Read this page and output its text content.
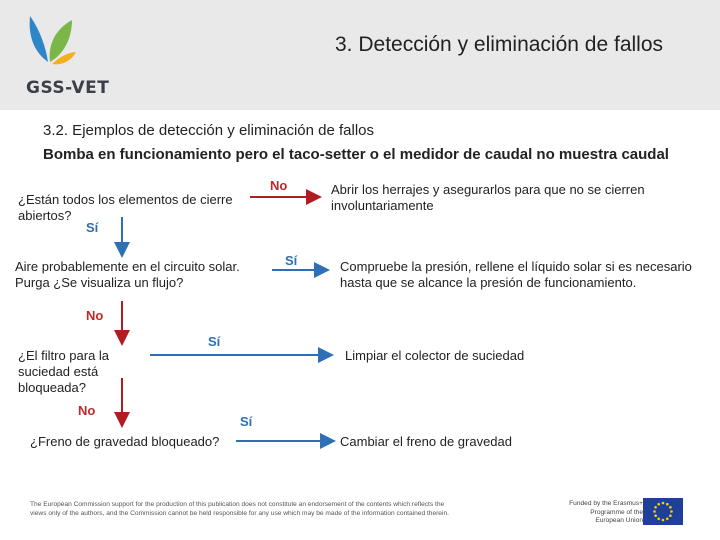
GSS-VET
3. Detección y eliminación de fallos
3.2. Ejemplos de detección y eliminación de fallos
Bomba en funcionamiento pero el taco-setter o el medidor de caudal no muestra caudal
¿Están todos los elementos de cierre abiertos?
No	Abrir los herrajes y asegurarlos para que no se cierren involuntariamente
Sí
Aire probablemente en el circuito solar. Purga ¿Se visualiza un flujo?
Sí	Compruebe la presión, rellene el líquido solar si es necesario hasta que se alcance la presión de funcionamiento.
No
¿El filtro para la suciedad está bloqueada?
Sí
Limpiar el colector de suciedad
No
¿Freno de gravedad bloqueado?
Sí
Cambiar el freno de gravedad
The European Commission support for the production of this publication does not constitute an endorsement of the contents which reflects the views only of the authors, and the Commission cannot be held responsible for any use which may be made of the information contained therein.
Funded by the Erasmus+ Programme of the European Union
